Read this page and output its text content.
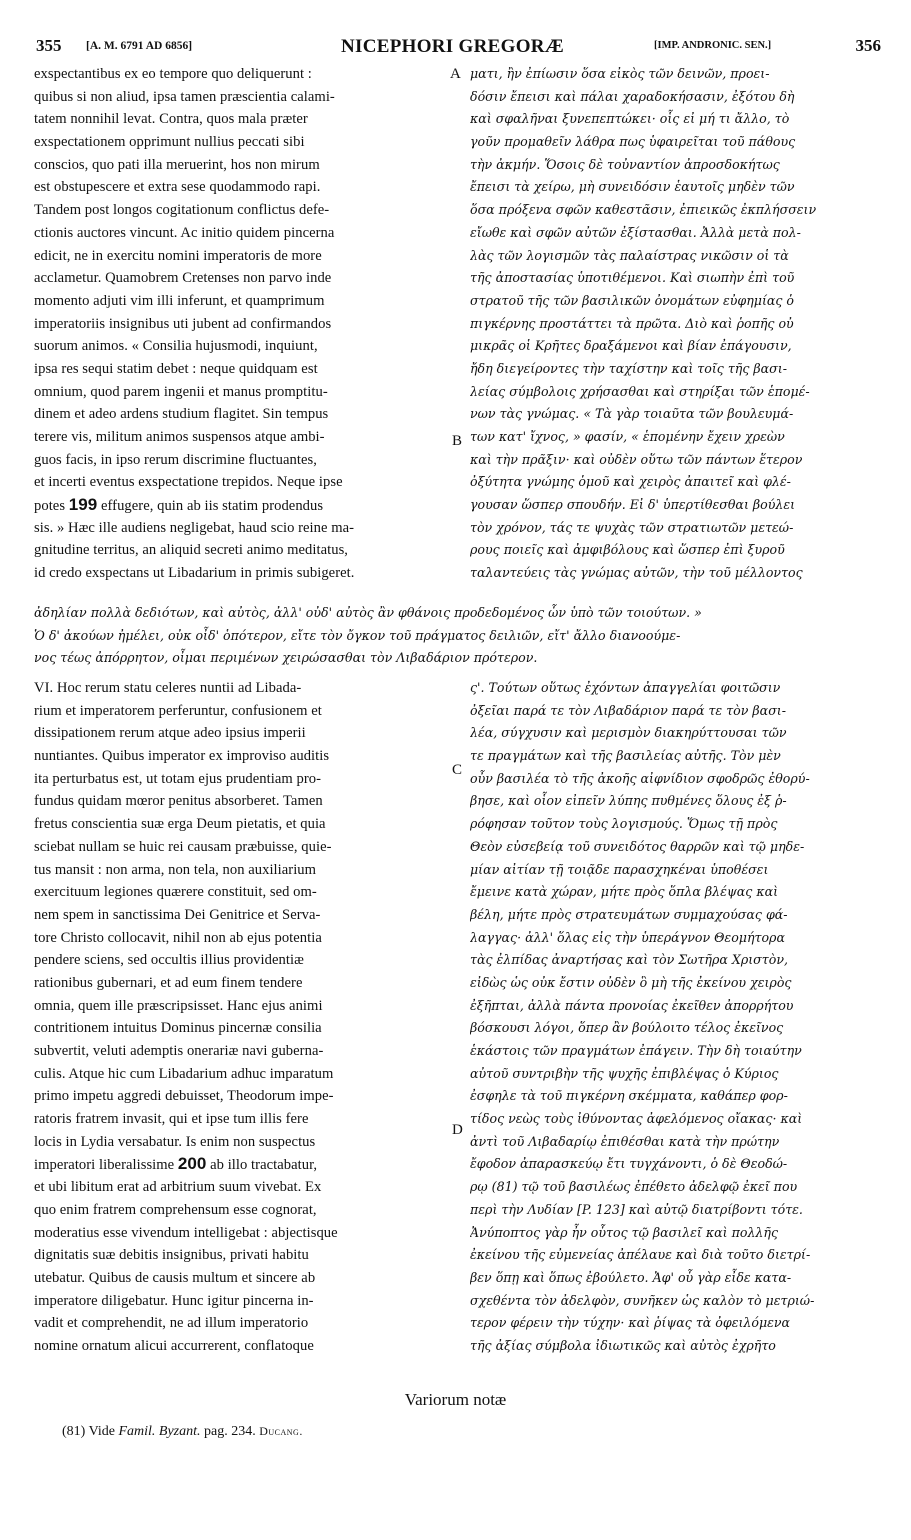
355 [A. M. 6791 AD 6856]	NICEPHORI GREGORÆ	[IMP. ANDRONIC. SEN.]	356
exspectantibus ex eo tempore quo deliquerunt :
quibus si non aliud, ipsa tamen præscientia calami-
tatem nonnihil levat. Contra, quos mala præter
exspectationem opprimunt nullius peccati sibi
conscios, quo pati illa meruerint, hos non mirum
est obstupescere et extra sese quodammodo rapi.
Tandem post longos cogitationum conflictus defe-
ctionis auctores vincunt. Ac initio quidem pincerna
edicit, ne in exercitu nomini imperatoris de more
acclametur. Quamobrem Cretenses non parvo inde
momento adjuti vim illi inferunt, et quamprimum
imperatoriis insignibus uti jubent ad confirmandos
suorum animos. « Consilia hujusmodi, inquiunt,
ipsa res sequi statim debet : neque quidquam est
omnium, quod parem ingenii et manus promptitu-
dinem et adeo ardens studium flagitet. Sin tempus
terere vis, militum animos suspensos atque ambi-
guos facis, in ipso rerum discrimine fluctuantes,
et incerti eventus exspectatione trepidos. Neque ipse
potes 199 effugere, quin ab iis statim prodendus
sis. » Hæc ille audiens negligebat, haud scio reine ma-
gnitudine territus, an aliquid secreti animo meditatus,
id credo exspectans ut Libadarium in primis subigeret.
ματι, ἢν ἐπίωσιν ὅσα εἰκὸς τῶν δεινῶν, προει-
δόσιν ἔπεισι καὶ πάλαι χαραδοκήσασιν, ἐξότου δὴ
καὶ σφαλῆναι ξυνεπεπτώκει· οἷς εἰ μή τι ἄλλο, τὸ
γοῦν προμαθεῖν λάθρα πως ὑφαιρεῖται τοῦ πάθους
τὴν ἀκμήν. Ὅσοις δὲ τοὐναντίον ἀπροσδοκήτως
ἔπεισι τὰ χείρω, μὴ συνειδόσιν ἑαυτοῖς μηδὲν τῶν
ὅσα πρόξενα σφῶν καθεστᾶσιν, ἐπιεικῶς ἐκπλήσσειν
εἴωθε καὶ σφῶν αὐτῶν ἐξίστασθαι. Ἀλλὰ μετὰ πολ-
λὰς τῶν λογισμῶν τὰς παλαίστρας νικῶσιν οἱ τὰ
τῆς ἀποστασίας ὑποτιθέμενοι. Καὶ σιωπὴν ἐπὶ τοῦ
στρατοῦ τῆς τῶν βασιλικῶν ὀνομάτων εὐφημίας ὁ
πιγκέρνης προστάττει τὰ πρῶτα. Διὸ καὶ ῥοπῆς οὐ
μικρᾶς οἱ Κρῆτες δραξάμενοι καὶ βίαν ἐπάγουσιν,
ἤδη διεγείροντες τὴν ταχίστην καὶ τοῖς τῆς βασι-
λείας σύμβολοις χρήσασθαι καὶ στηρίξαι τῶν ἑπομέ-
νων τὰς γνώμας. « Τὰ γὰρ τοιαῦτα τῶν βουλευμά-
των κατ' ἴχνος, » φασίν, « ἑπομένην ἔχειν χρεὼν
καὶ τὴν πρᾶξιν· καὶ οὐδὲν οὕτω τῶν πάντων ἕτερον
ὀξύτητα γνώμης ὁμοῦ καὶ χειρὸς ἀπαιτεῖ καὶ φλέ-
γουσαν ὥσπερ σπουδήν. Εἰ δ' ὑπερτίθεσθαι βούλει
τὸν χρόνον, τάς τε ψυχὰς τῶν στρατιωτῶν μετεώ-
ρους ποιεῖς καὶ ἀμφιβόλους καὶ ὥσπερ ἐπὶ ξυροῦ
ταλαντεύεις τὰς γνώμας αὐτῶν, τὴν τοῦ μέλλοντος
ἀδηλίαν πολλὰ δεδιότων, καὶ αὐτὸς, ἀλλ' οὐδ' αὐτὸς ἂν φθάνοις προδεδομένος ὧν ὑπὸ τῶν τοιούτων. »
Ὁ δ' ἀκούων ἠμέλει, οὐκ οἶδ' ὁπότερον, εἴτε τὸν ὄγκον τοῦ πράγματος δειλιῶν, εἴτ' ἄλλο διανοούμε-
νος τέως ἀπόρρητον, οἶμαι περιμένων χειρώσασθαι τὸν Λιβαδάριον πρότερον.
VI. Hoc rerum statu celeres nuntii ad Libada-
rium et imperatorem perferuntur, confusionem et
dissipationem rerum atque adeo ipsius imperii
nuntiantes. Quibus imperator ex improviso auditis
ita perturbatus est, ut totam ejus prudentiam pro-
fundus quidam mœror penitus absorberet. Tamen
fretus conscientia suæ erga Deum pietatis, et quia
sciebat nullam se huic rei causam præbuisse, quie-
tus mansit : non arma, non tela, non auxiliarium
exercituum legiones quærere constituit, sed om-
nem spem in sanctissima Dei Genitrice et Serva-
tore Christo collocavit, nihil non ab ejus potentia
pendere sciens, sed occultis illius providentiæ
rationibus gubernari, et ad eum finem tendere
omnia, quem ille præscripsisset. Hanc ejus animi
contritionem intuitus Dominus pincernæ consilia
subvertit, veluti ademptis onerariæ navi guberna-
culis. Atque hic cum Libadarium adhuc imparatum
primo impetu aggredi debuisset, Theodorum impe-
ratoris fratrem invasit, qui et ipse tum illis fere
locis in Lydia versabatur. Is enim non suspectus
imperatori liberalissime 200 ab illo tractabatur,
et ubi libitum erat ad arbitrium suum vivebat. Ex
quo enim fratrem comprehensum esse cognorat,
moderatius esse vivendum intelligebat : abjectisque
dignitatis suæ debitis insignibus, privati habitu
utebatur. Quibus de causis multum et sincere ab
imperatore diligebatur. Hunc igitur pincerna in-
vadit et comprehendit, ne ad illum imperatorio
nomine ornatum alicui accurrerent, conflatoque
ς'. Τούτων οὕτως ἐχόντων ἀπαγγελίαι φοιτῶσιν
ὀξεῖαι παρά τε τὸν Λιβαδάριον παρά τε τὸν βασι-
λέα, σύγχυσιν καὶ μερισμὸν διακηρύττουσαι τῶν
τε πραγμάτων καὶ τῆς βασιλείας αὐτῆς. Τὸν μὲν
οὖν βασιλέα τὸ τῆς ἀκοῆς αἰφνίδιον σφοδρῶς ἐθορύ-
βησε, καὶ οἷον εἰπεῖν λύπης πυθμένες ὅλους ἐξ ῥ-
ρόφησαν τοῦτον τοὺς λογισμούς. Ὅμως τῇ πρὸς
Θεὸν εὐσεβείᾳ τοῦ συνειδότος θαρρῶν καὶ τῷ μηδε-
μίαν αἰτίαν τῇ τοιᾷδε παρασχηκέναι ὑποθέσει
ἔμεινε κατὰ χώραν, μήτε πρὸς ὅπλα βλέψας καὶ
βέλη, μήτε πρὸς στρατευμάτων συμμαχούσας φά-
λαγγας· ἀλλ' ὅλας εἰς τὴν ὑπεράγνον Θεομήτορα
τὰς ἐλπίδας ἀναρτήσας καὶ τὸν Σωτῆρα Χριστὸν,
εἰδὼς ὡς οὐκ ἔστιν οὐδὲν ὃ μὴ τῆς ἐκείνου χειρὸς
ἐξῆπται, ἀλλὰ πάντα προνοίας ἐκεῖθεν ἀπορρήτου
βόσκουσι λόγοι, ὅπερ ἂν βούλοιτο τέλος ἐκεῖνος
ἑκάστοις τῶν πραγμάτων ἐπάγειν. Τὴν δὴ τοιαύτην
αὐτοῦ συντριβὴν τῆς ψυχῆς ἐπιβλέψας ὁ Κύριος
ἐσφηλε τὰ τοῦ πιγκέρνη σκέμματα, καθάπερ φορ-
τίδος νεὼς τοὺς ἰθύνοντας ἀφελόμενος οἴακας· καὶ
ἀντὶ τοῦ Λιβαδαρίῳ ἐπιθέσθαι κατὰ τὴν πρώτην
ἔφοδον ἀπαρασκεύῳ ἔτι τυγχάνοντι, ὁ δὲ Θεοδώ-
ρῳ (81) τῷ τοῦ βασιλέως ἐπέθετο ἀδελφῷ ἐκεῖ που
περὶ τὴν Λυδίαν [P. 123] καὶ αὐτῷ διατρίβοντι τότε.
Ἀνύποπτος γὰρ ἦν οὗτος τῷ βασιλεῖ καὶ πολλῆς
ἐκείνου τῆς εὐμενείας ἀπέλαυε καὶ διὰ τοῦτο διετρί-
βεν ὅπῃ καὶ ὅπως ἐβούλετο. Ἀφ' οὗ γὰρ εἶδε κατα-
σχεθέντα τὸν ἀδελφὸν, συνῆκεν ὡς καλὸν τὸ μετριώ-
τερον φέρειν τὴν τύχην· καὶ ῥίψας τὰ ὀφειλόμενα
τῆς ἀξίας σύμβολα ἰδιωτικῶς καὶ αὐτὸς ἐχρῆτο
A
B
C
D
Variorum notæ
(81) Vide Famil. Byzant. pag. 234. Ducang.
